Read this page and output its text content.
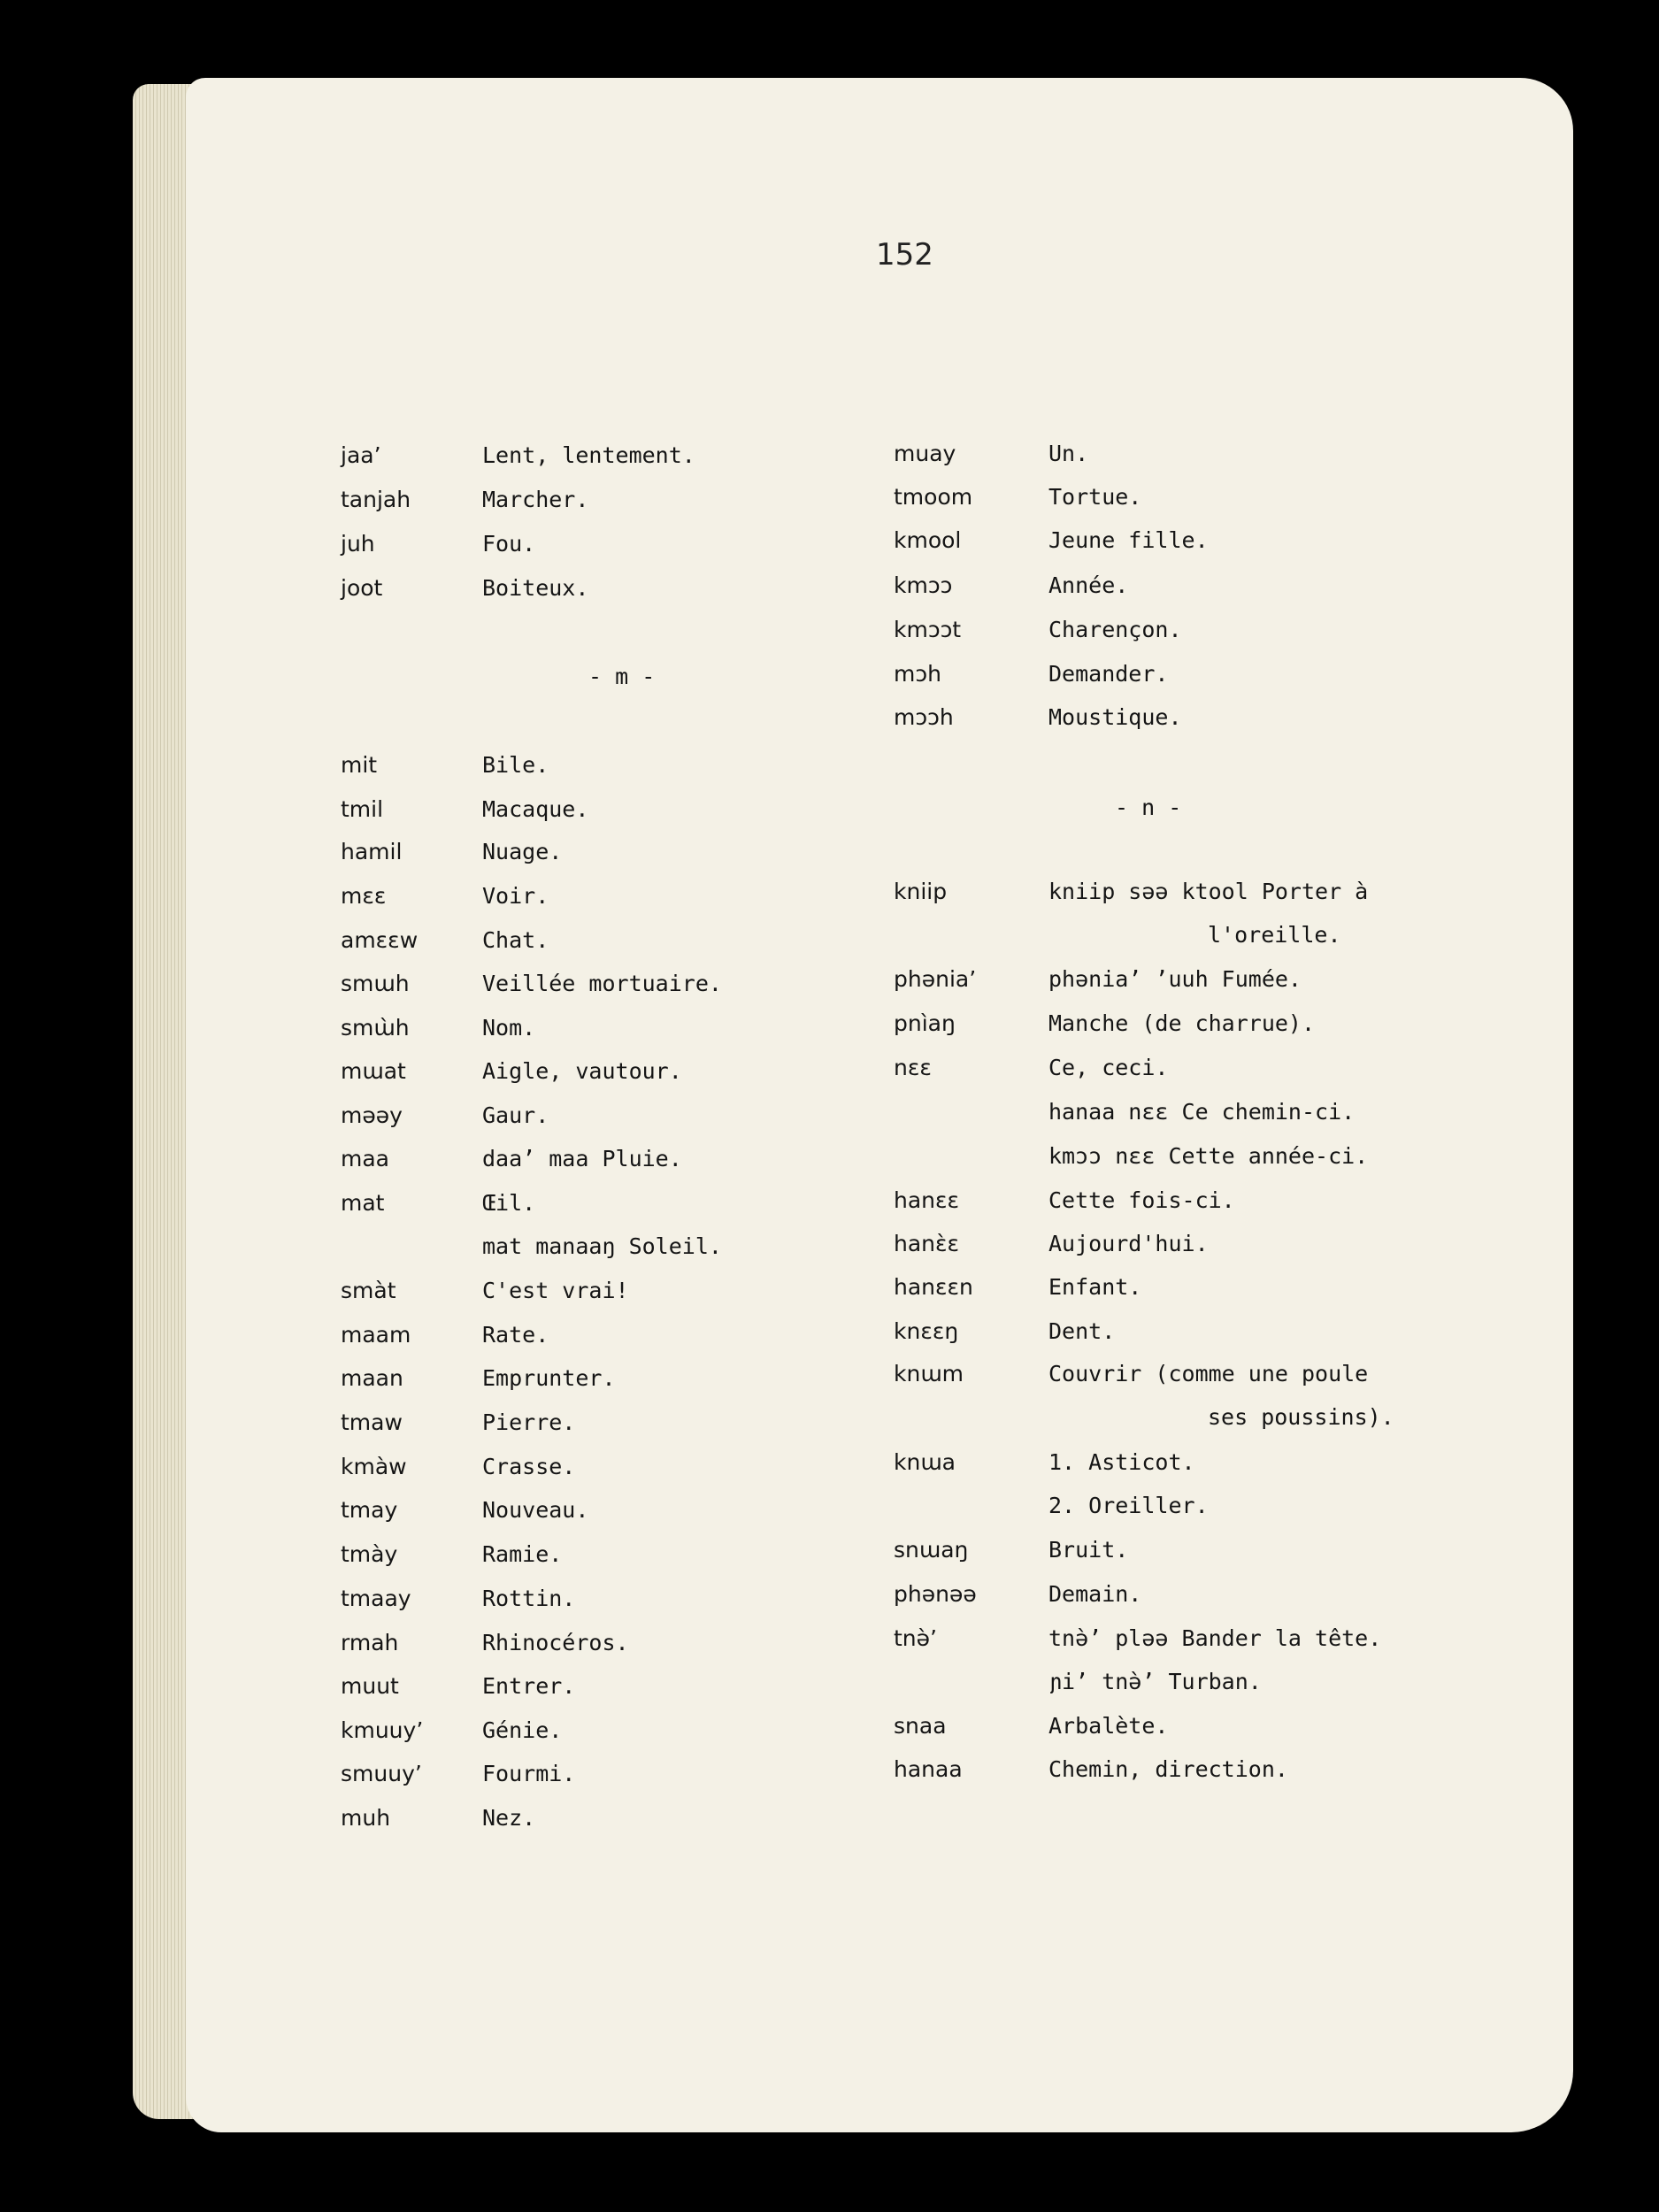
152
- m -
- n -
jaa’	Lent, lentement.
tanjah	Marcher.
juh	Fou.
joot	Boiteux.
mit	Bile.
tmil	Macaque.
hamil	Nuage.
mɛɛ	Voir.
amɛɛw	Chat.
smɯh	Veillée mortuaire.
smɯ̀h	Nom.
mɯat	Aigle, vautour.
məəy	Gaur.
maa	daa’ maa Pluie.
mat	Œil.
mat manaaŋ Soleil.
smàt	C'est vrai!
maam	Rate.
maan	Emprunter.
tmaw	Pierre.
kmàw	Crasse.
tmay	Nouveau.
tmày	Ramie.
tmaay	Rottin.
rmah	Rhinocéros.
muut	Entrer.
kmuuy’	Génie.
smuuy’	Fourmi.
muh	Nez.
muay	Un.
tmoom	Tortue.
kmool	Jeune fille.
kmɔɔ	Année.
kmɔɔt	Charençon.
mɔh	Demander.
mɔɔh	Moustique.
kniip	kniip səə ktool Porter à
l'oreille.
phənia’	phənia’ ’uuh Fumée.
pnìaŋ	Manche (de charrue).
nɛɛ	Ce, ceci.
hanaa nɛɛ Ce chemin-ci.
kmɔɔ nɛɛ Cette année-ci.
hanɛɛ	Cette fois-ci.
hanɛ̀ɛ	Aujourd'hui.
hanɛɛn	Enfant.
knɛɛŋ	Dent.
knɯm	Couvrir (comme une poule
ses poussins).
knɯa	1. Asticot.
2. Oreiller.
snɯaŋ	Bruit.
phənəə	Demain.
tnə̀’	tnə̀’ pləə Bander la tête.
ɲi’ tnə̀’ Turban.
snaa	Arbalète.
hanaa	Chemin, direction.
